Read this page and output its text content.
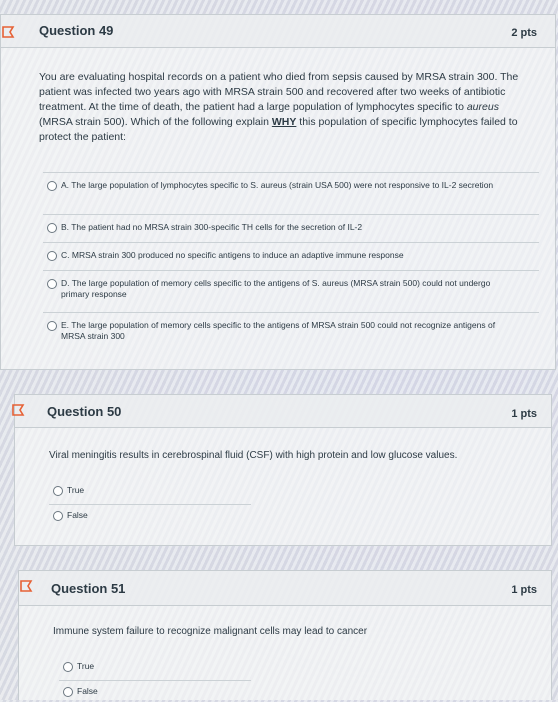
Question 49	2 pts
You are evaluating hospital records on a patient who died from sepsis caused by MRSA strain 300. The patient was infected two years ago with MRSA strain 500 and recovered after two weeks of antibiotic treatment. At the time of death, the patient had a large population of lymphocytes specific to aureus (MRSA strain 500). Which of the following explain WHY this population of specific lymphocytes failed to protect the patient:
A. The large population of lymphocytes specific to S. aureus (strain USA 500) were not responsive to IL-2 secretion
B. The patient had no MRSA strain 300-specific TH cells for the secretion of IL-2
C. MRSA strain 300 produced no specific antigens to induce an adaptive immune response
D. The large population of memory cells specific to the antigens of S. aureus (MRSA strain 500) could not undergo primary response
E. The large population of memory cells specific to the antigens of MRSA strain 500 could not recognize antigens of MRSA strain 300
Question 50	1 pts
Viral meningitis results in cerebrospinal fluid (CSF) with high protein and low glucose values.
True
False
Question 51	1 pts
Immune system failure to recognize malignant cells may lead to cancer
True
False
